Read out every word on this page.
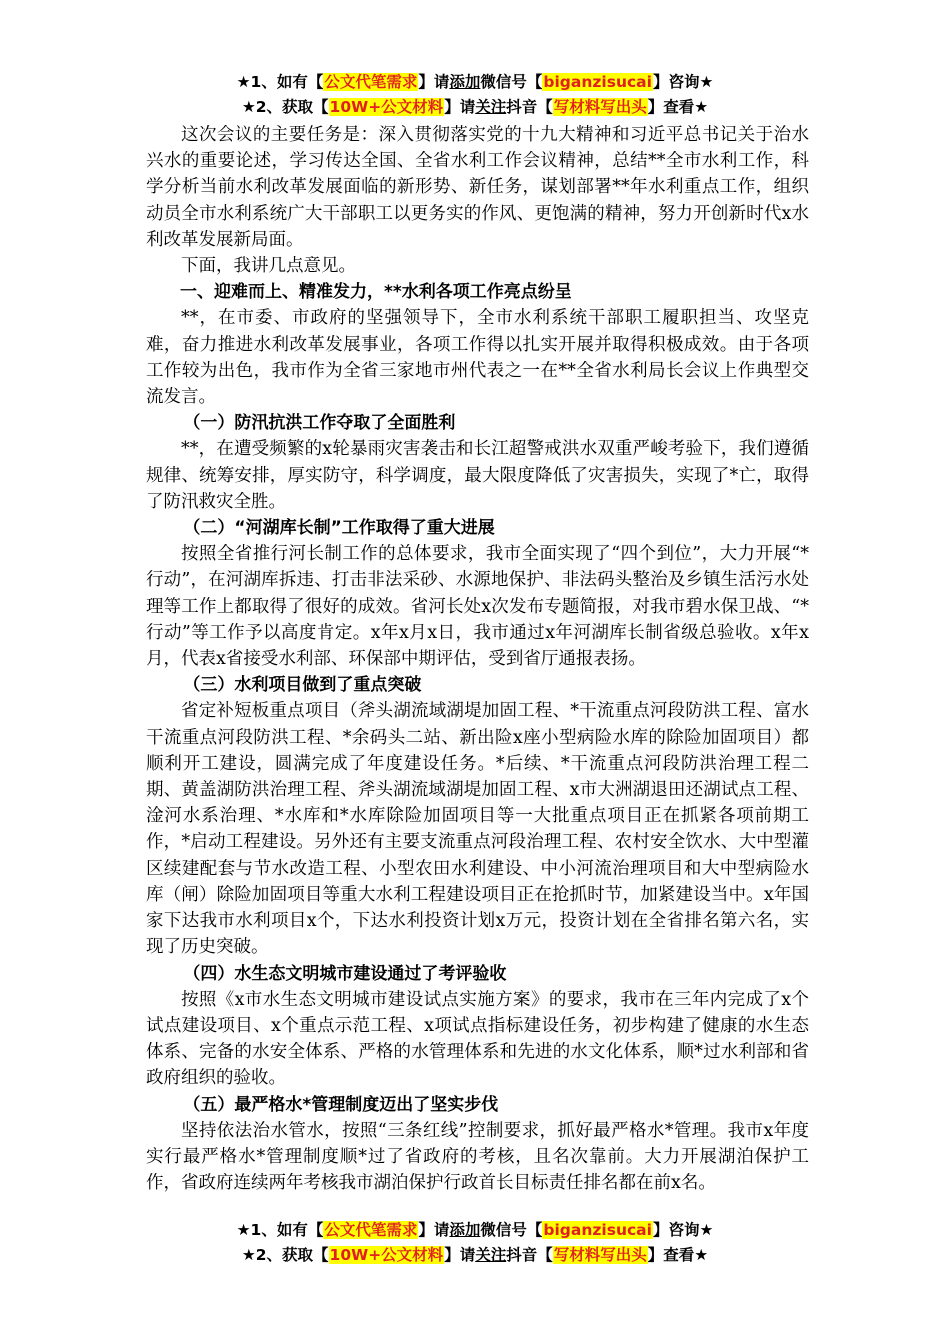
★1、如有【公文代笔需求】请添加微信号【biganzisucai】咨询★
★2、获取【10W+公文材料】请关注抖音【写材料写出头】查看★

这次会议的主要任务是：深入贯彻落实党的十九大精神和习近平总书记关于治水兴水的重要论述，学习传达全国、全省水利工作会议精神，总结**全市水利工作，科学分析当前水利改革发展面临的新形势、新任务，谋划部署**年水利重点工作，组织动员全市水利系统广大干部职工以更务实的作风、更饱满的精神，努力开创新时代x水利改革发展新局面。

下面，我讲几点意见。

一、迎难而上、精准发力，**水利各项工作亮点纷呈

**，在市委、市政府的坚强领导下，全市水利系统干部职工履职担当、攻坚克难，奋力推进水利改革发展事业，各项工作得以扎实开展并取得积极成效。由于各项工作较为出色，我市作为全省三家地市州代表之一在**全省水利局长会议上作典型交流发言。

（一）防汛抗洪工作夺取了全面胜利

**，在遭受频繁的x轮暴雨灾害袭击和长江超警戒洪水双重严峻考验下，我们遵循规律、统筹安排，厚实防守，科学调度，最大限度降低了灾害损失，实现了*亡，取得了防汛救灾全胜。

（二）“河湖库长制”工作取得了重大进展

按照全省推行河长制工作的总体要求，我市全面实现了“四个到位”，大力开展“*行动”，在河湖库拆违、打击非法采砂、水源地保护、非法码头整治及乡镇生活污水处理等工作上都取得了很好的成效。省河长处x次发布专题简报，对我市碧水保卫战、“*行动”等工作予以高度肯定。x年x月x日，我市通过x年河湖库长制省级总验收。x年x月，代表x省接受水利部、环保部中期评估，受到省厅通报表扬。

（三）水利项目做到了重点突破

省定补短板重点项目（斧头湖流域湖堤加固工程、*干流重点河段防洪工程、富水干流重点河段防洪工程、*余码头二站、新出险x座小型病险水库的除险加固项目）都顺利开工建设，圆满完成了年度建设任务。*后续、*干流重点河段防洪治理工程二期、黄盖湖防洪治理工程、斧头湖流域湖堤加固工程、x市大洲湖退田还湖试点工程、淦河水系治理、*水库和*水库除险加固项目等一大批重点项目正在抓紧各项前期工作，*启动工程建设。另外还有主要支流重点河段治理工程、农村安全饮水、大中型灌区续建配套与节水改造工程、小型农田水利建设、中小河流治理项目和大中型病险水库（闸）除险加固项目等重大水利工程建设项目正在抢抓时节，加紧建设当中。x年国家下达我市水利项目x个，下达水利投资计划x万元，投资计划在全省排名第六名，实现了历史突破。

（四）水生态文明城市建设通过了考评验收

按照《x市水生态文明城市建设试点实施方案》的要求，我市在三年内完成了x个试点建设项目、x个重点示范工程、x项试点指标建设任务，初步构建了健康的水生态体系、完备的水安全体系、严格的水管理体系和先进的水文化体系，顺*过水利部和省政府组织的验收。

（五）最严格水*管理制度迈出了坚实步伐

坚持依法治水管水，按照“三条红线”控制要求，抓好最严格水*管理。我市x年度实行最严格水*管理制度顺*过了省政府的考核，且名次靠前。大力开展湖泊保护工作，省政府连续两年考核我市湖泊保护行政首长目标责任排名都在前x名。

★1、如有【公文代笔需求】请添加微信号【biganzisucai】咨询★
★2、获取【10W+公文材料】请关注抖音【写材料写出头】查看★
